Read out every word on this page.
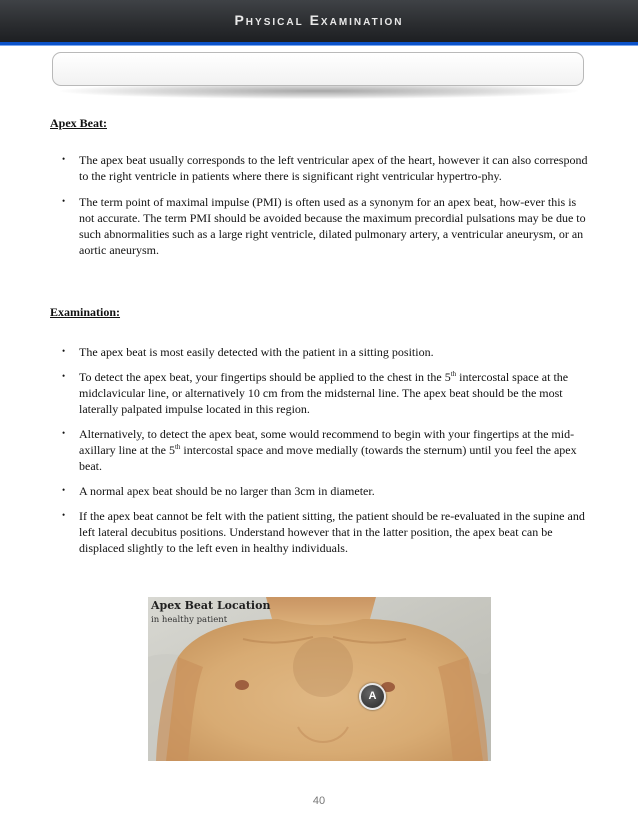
Physical Examination
Apex Beat:
• The apex beat usually corresponds to the left ventricular apex of the heart, however it can also correspond to the right ventricle in patients where there is significant right ventricular hypertro-phy.
• The term point of maximal impulse (PMI) is often used as a synonym for an apex beat, how-ever this is not accurate. The term PMI should be avoided because the maximum precordial pulsations may be due to such abnormalities such as a large right ventricle, dilated pulmonary artery, a ventricular aneurysm, or an aortic aneurysm.
Examination:
• The apex beat is most easily detected with the patient in a sitting position.
• To detect the apex beat, your fingertips should be applied to the chest in the 5th intercostal space at the midclavicular line, or alternatively 10 cm from the midsternal line. The apex beat should be the most laterally palpated impulse located in this region.
• Alternatively, to detect the apex beat, some would recommend to begin with your fingertips at the mid-axillary line at the 5th intercostal space and move medially (towards the sternum) until you feel the apex beat.
• A normal apex beat should be no larger than 3cm in diameter.
• If the apex beat cannot be felt with the patient sitting, the patient should be re-evaluated in the supine and left lateral decubitus positions. Understand however that in the latter position, the apex beat can be displaced slightly to the left even in healthy individuals.
Apex Beat Location
in healthy patient
A
40
